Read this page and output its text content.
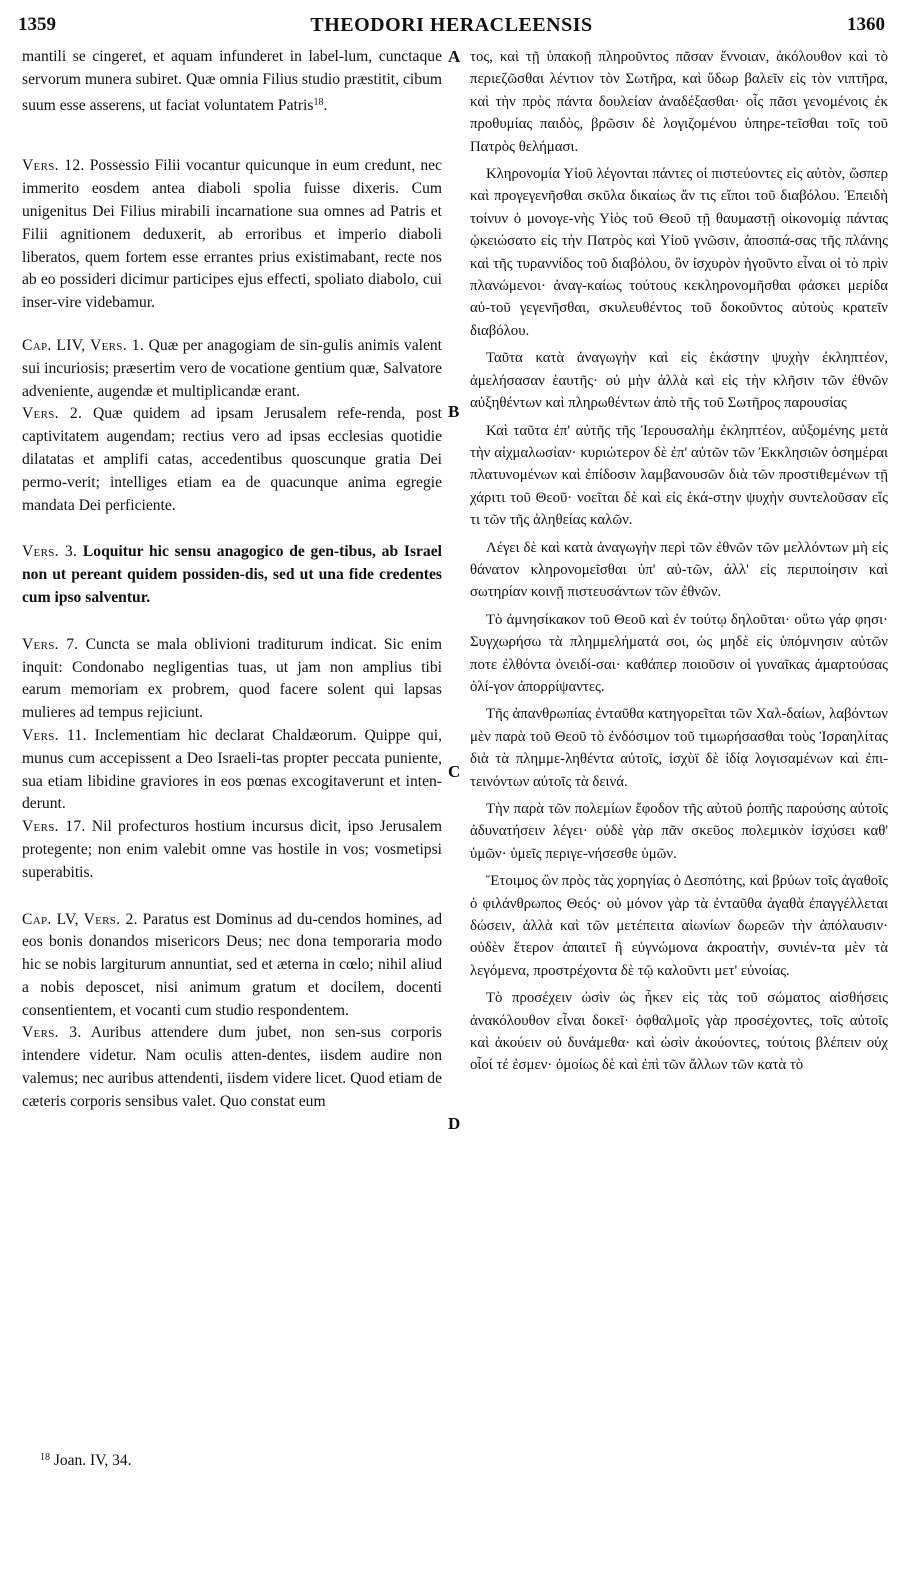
1359	THEODORI HERACLEENSIS	1360

mantili se cingeret, et aquam infunderet in label-lum, cunctaque servorum munera subiret. Quæ omnia Filius studio præstitit, cibum suum esse asserens, ut faciat voluntatem Patris$^{18}$.

Vers. 12. Possessio Filii vocantur quicunque in eum credunt, nec immerito eosdem antea diaboli spolia fuisse dixeris. Cum unigenitus Dei Filius mirabili incarnatione sua omnes ad Patris et Filii agnitionem deduxerit, ab erroribus et imperio diaboli liberatos, quem fortem esse errantes prius existimabant, recte nos ab eo possideri dicimur participes ejus effecti, spoliato diabolo, cui inser-vire videbamur.

Cap. LIV, Vers. 1. Quæ per anagogiam de sin-gulis animis valent sui incuriosis; præsertim vero de vocatione gentium quæ, Salvatore adveniente, augendæ et multiplicandæ erant.

Vers. 2. Quæ quidem ad ipsam Jerusalem refe-renda, post captivitatem augendam; rectius vero ad ipsas ecclesias quotidie dilatatas et amplifi catas, accedentibus quoscunque gratia Dei permo-verit; intelliges etiam ea de quacunque anima egregie mandata Dei perficiente.

Vers. 3. Loquitur hic sensu anagogico de gen-tibus, ab Israel non ut pereant quidem possiden-dis, sed ut una fide credentes cum ipso salventur.

Vers. 7. Cuncta se mala oblivioni traditurum indicat. Sic enim inquit: Condonabo negligentias tuas, ut jam non amplius tibi earum memoriam ex probrem, quod facere solent qui lapsas mulieres ad tempus rejiciunt.

Vers. 11. Inclementiam hic declarat Chaldæorum. Quippe qui, munus cum accepissent a Deo Israeli-tas propter peccata puniente, sua etiam libidine graviores in eos pœnas excogitaverunt et inten-derunt.

Vers. 17. Nil profecturos hostium incursus dicit, ipso Jerusalem protegente; non enim valebit omne vas hostile in vos; vosmetipsi superabitis.

Cap. LV, Vers. 2. Paratus est Dominus ad du-cendos homines, ad eos bonis donandos misericors Deus; nec dona temporaria modo hic se nobis largiturum annuntiat, sed et æterna in cœlo; nihil aliud a nobis deposcet, nisi animum gratum et docilem, docenti consentientem, et vocanti cum studio respondentem.

Vers. 3. Auribus attendere dum jubet, non sen-sus corporis intendere videtur. Nam oculis atten-dentes, iisdem audire non valemus; nec auribus attendenti, iisdem videre licet. Quod etiam de cæteris corporis sensibus valet. Quo constat eum

A
B
C
D

τος, καὶ τῇ ὑπακοῇ πληροῦντος πᾶσαν ἔννοιαν, ἀκόλουθον καὶ τὸ περιεζῶσθαι λέντιον τὸν Σωτῆρα, καὶ ὕδωρ βαλεῖν εἰς τὸν νιπτῆρα, καὶ τὴν πρὸς πάντα δουλείαν ἀναδέξασθαι· οἷς πᾶσι γενομένοις ἐκ προθυμίας παιδὸς, βρῶσιν δὲ λογιζομένου ὑπηρε-τεῖσθαι τοῖς τοῦ Πατρὸς θελήμασι.

Κληρονομία Υἱοῦ λέγονται πάντες οἱ πιστεύοντες εἰς αὐτὸν, ὥσπερ καὶ προγεγενῆσθαι σκῦλα δικαίως ἄν τις εἴποι τοῦ διαβόλου. Ἐπειδὴ τοίνυν ὁ μονογε-νὴς Υἱὸς τοῦ Θεοῦ τῇ θαυμαστῇ οἰκονομίᾳ πάντας ᾠκειώσατο εἰς τὴν Πατρὸς καὶ Υἱοῦ γνῶσιν, ἀποσπά-σας τῆς πλάνης καὶ τῆς τυραννίδος τοῦ διαβόλου, ὃν ἰσχυρὸν ἡγοῦντο εἶναι οἱ τὸ πρὶν πλανώμενοι· ἀναγ-καίως τούτους κεκληρονομῆσθαι φάσκει μερίδα αὐ-τοῦ γεγενῆσθαι, σκυλευθέντος τοῦ δοκοῦντος αὐτοὺς κρατεῖν διαβόλου.

Ταῦτα κατὰ ἀναγωγὴν καὶ εἰς ἑκάστην ψυχὴν ἐκληπτέον, ἀμελήσασαν ἑαυτῆς· οὐ μὴν ἀλλὰ καὶ εἰς τὴν κλῆσιν τῶν ἐθνῶν αὐξηθέντων καὶ πληρωθέντων ἀπὸ τῆς τοῦ Σωτῆρος παρουσίας

Καὶ ταῦτα ἐπ' αὐτῆς τῆς Ἱερουσαλὴμ ἐκληπτέον, αὐξομένης μετὰ τὴν αἰχμαλωσίαν· κυριώτερον δὲ ἐπ' αὐτῶν τῶν Ἐκκλησιῶν ὁσημέραι πλατυνομένων καὶ ἐπίδοσιν λαμβανουσῶν διὰ τῶν προστιθεμένων τῇ χάριτι τοῦ Θεοῦ· νοεῖται δὲ καὶ εἰς ἑκά-στην ψυχὴν συντελοῦσαν εἴς τι τῶν τῆς ἀληθείας καλῶν.

Λέγει δὲ καὶ κατὰ ἀναγωγὴν περὶ τῶν ἐθνῶν τῶν μελλόντων μὴ εἰς θάνατον κληρονομεῖσθαι ὑπ' αὐ-τῶν, ἀλλ' εἰς περιποίησιν καὶ σωτηρίαν κοινῇ πιστευσάντων τῶν ἐθνῶν.

Τὸ ἀμνησίκακον τοῦ Θεοῦ καὶ ἐν τούτῳ δηλοῦται· οὕτω γάρ φησι· Συγχωρήσω τὰ πλημμελήματά σοι, ὡς μηδὲ εἰς ὑπόμνησιν αὐτῶν ποτε ἐλθόντα ὀνειδί-σαι· καθάπερ ποιοῦσιν οἱ γυναῖκας ἁμαρτούσας ὀλί-γον ἀπορρίψαντες.

Τῆς ἀπανθρωπίας ἐνταῦθα κατηγορεῖται τῶν Χαλ-δαίων, λαβόντων μὲν παρὰ τοῦ Θεοῦ τὸ ἐνδόσιμον τοῦ τιμωρήσασθαι τοὺς Ἰσραηλίτας διὰ τὰ πλημμε-ληθέντα αὐτοῖς, ἰσχὺϊ δὲ ἰδίᾳ λογισαμένων καὶ ἐπι-τεινόντων αὐτοῖς τὰ δεινά.

Τὴν παρὰ τῶν πολεμίων ἔφοδον τῆς αὐτοῦ ῥοπῆς παρούσης αὐτοῖς ἀδυνατήσειν λέγει· οὐδὲ γὰρ πᾶν σκεῦος πολεμικὸν ἰσχύσει καθ' ὑμῶν· ὑμεῖς περιγε-νήσεσθε ὑμῶν.

Ἕτοιμος ὢν πρὸς τὰς χορηγίας ὁ Δεσπότης, καὶ βρύων τοῖς ἀγαθοῖς ὁ φιλάνθρωπος Θεός· οὐ μόνον γὰρ τὰ ἐνταῦθα ἀγαθὰ ἐπαγγέλλεται δώσειν, ἀλλὰ καὶ τῶν μετέπειτα αἰωνίων δωρεῶν τὴν ἀπόλαυσιν· οὐδὲν ἕτερον ἀπαιτεῖ ἢ εὐγνώμονα ἀκροατὴν, συνιέν-τα μὲν τὰ λεγόμενα, προστρέχοντα δὲ τῷ καλοῦντι μετ' εὐνοίας.

Τὸ προσέχειν ὠσὶν ὡς ἧκεν εἰς τὰς τοῦ σώματος αἰσθήσεις ἀνακόλουθον εἶναι δοκεῖ· ὀφθαλμοῖς γὰρ προσέχοντες, τοῖς αὐτοῖς καὶ ἀκούειν οὐ δυνάμεθα· καὶ ὠσὶν ἀκούοντες, τούτοις βλέπειν οὐχ οἷοί τέ ἐσμεν· ὁμοίως δὲ καὶ ἐπὶ τῶν ἄλλων τῶν κατὰ τὸ

$^{18}$ Joan. IV, 34.
